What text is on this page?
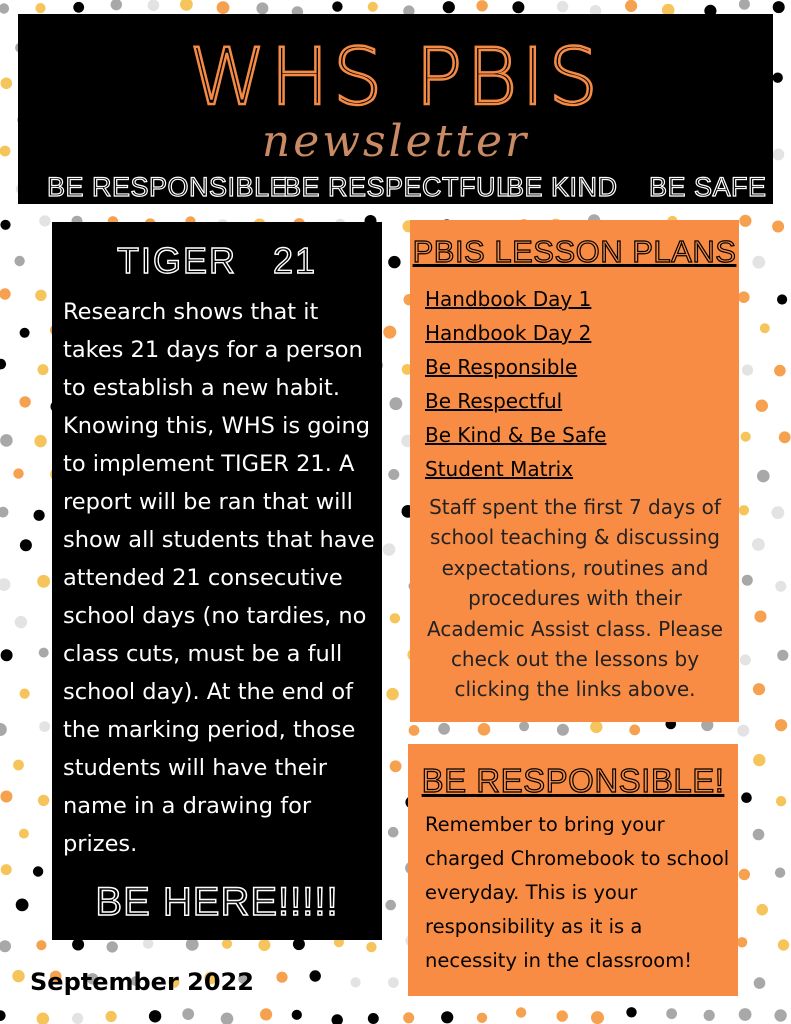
WHS PBIS
newsletter
BE RESPONSIBLE
BE RESPECTFUL
BE KIND BE SAFE
TIGER   21
Research shows that it takes 21 days for a person to establish a new habit. Knowing this, WHS is going to implement TIGER 21. A report will be ran that will show all students that have attended 21 consecutive school days (no tardies, no class cuts, must be a full school day). At the end of the marking period, those students will have their name in a drawing for prizes.
BE HERE!!!!!
PBIS LESSON PLANS
Handbook Day 1
Handbook Day 2
Be Responsible
Be Respectful
Be Kind & Be Safe
Student Matrix
Staff spent the first 7 days of school teaching & discussing expectations, routines and procedures with their Academic Assist class. Please check out the lessons by clicking the links above.
BE RESPONSIBLE!
Remember to bring your charged Chromebook to school everyday. This is your responsibility as it is a necessity in the classroom!
September 2022
